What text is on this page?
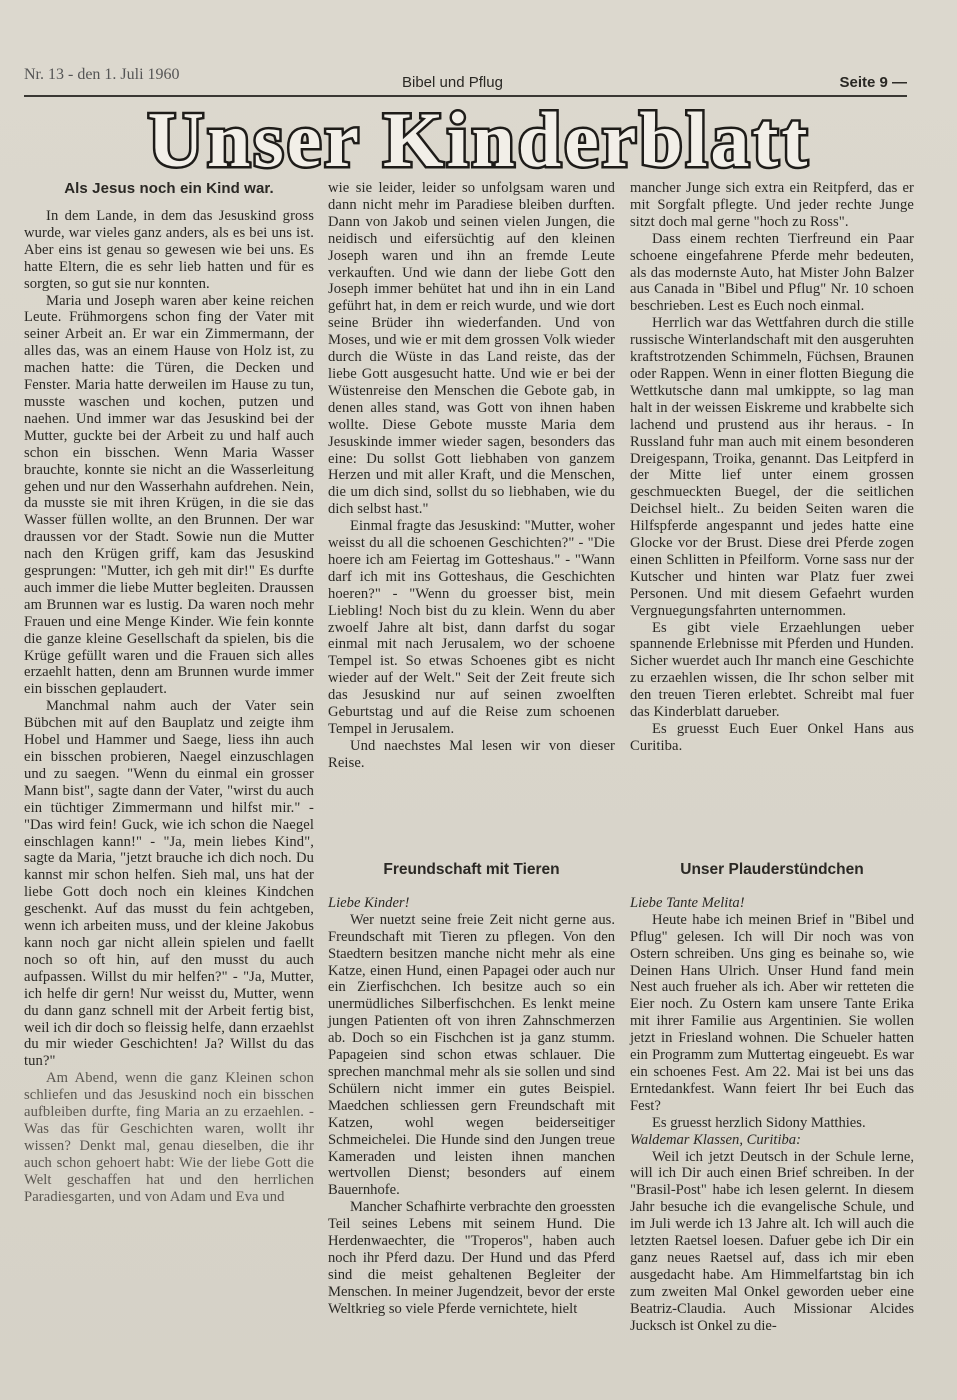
Nr. 13 - den 1. Juli 1960	Bibel und Pflug	Seite 9 —
Unser Kinderblatt
Als Jesus noch ein Kind war.

In dem Lande, in dem das Jesuskind gross wurde, war vieles ganz anders, als es bei uns ist. Aber eins ist genau so gewesen wie bei uns. Es hatte Eltern, die es sehr lieb hatten und für es sorgten, so gut sie nur konnten.

Maria und Joseph waren aber keine reichen Leute. Frühmorgens schon fing der Vater mit seiner Arbeit an. Er war ein Zimmermann, der alles das, was an einem Hause von Holz ist, zu machen hatte: die Türen, die Decken und Fenster. Maria hatte derweilen im Hause zu tun, musste waschen und kochen, putzen und naehen. Und immer war das Jesuskind bei der Mutter, guckte bei der Arbeit zu und half auch schon ein bisschen. Wenn Maria Wasser brauchte, konnte sie nicht an die Wasserleitung gehen und nur den Wasserhahn aufdrehen. Nein, da musste sie mit ihren Krügen, in die sie das Wasser füllen wollte, an den Brunnen. Der war draussen vor der Stadt. Sowie nun die Mutter nach den Krügen griff, kam das Jesuskind gesprungen: "Mutter, ich geh mit dir!" Es durfte auch immer die liebe Mutter begleiten. Draussen am Brunnen war es lustig. Da waren noch mehr Frauen und eine Menge Kinder. Wie fein konnte die ganze kleine Gesellschaft da spielen, bis die Krüge gefüllt waren und die Frauen sich alles erzaehlt hatten, denn am Brunnen wurde immer ein bisschen geplaudert.

Manchmal nahm auch der Vater sein Bübchen mit auf den Bauplatz und zeigte ihm Hobel und Hammer und Saege, liess ihn auch ein bisschen probieren, Naegel einzuschlagen und zu saegen. "Wenn du einmal ein grosser Mann bist", sagte dann der Vater, "wirst du auch ein tüchtiger Zimmermann und hilfst mir." - "Das wird fein! Guck, wie ich schon die Naegel einschlagen kann!" - "Ja, mein liebes Kind", sagte da Maria, "jetzt brauche ich dich noch. Du kannst mir schon helfen. Sieh mal, uns hat der liebe Gott doch noch ein kleines Kindchen geschenkt. Auf das musst du fein achtgeben, wenn ich arbeiten muss, und der kleine Jakobus kann noch gar nicht allein spielen und faellt noch so oft hin, auf den musst du auch aufpassen. Willst du mir helfen?" - "Ja, Mutter, ich helfe dir gern! Nur weisst du, Mutter, wenn du dann ganz schnell mit der Arbeit fertig bist, weil ich dir doch so fleissig helfe, dann erzaehlst du mir wieder Geschichten! Ja? Willst du das tun?"

Am Abend, wenn die ganz Kleinen schon schliefen und das Jesuskind noch ein bisschen aufbleiben durfte, fing Maria an zu erzaehlen. - Was das für Geschichten waren, wollt ihr wissen? Denkt mal, genau dieselben, die ihr auch schon gehoert habt: Wie der liebe Gott die Welt geschaffen hat und den herrlichen Paradiesgarten, und von Adam und Eva und

wie sie leider, leider so unfolgsam waren und dann nicht mehr im Paradiese bleiben durften. Dann von Jakob und seinen vielen Jungen, die neidisch und eifersüchtig auf den kleinen Joseph waren und ihn an fremde Leute verkauften. Und wie dann der liebe Gott den Joseph immer behütet hat und ihn in ein Land geführt hat, in dem er reich wurde, und wie dort seine Brüder ihn wiederfanden. Und von Moses, und wie er mit dem grossen Volk wieder durch die Wüste in das Land reiste, das der liebe Gott ausgesucht hatte. Und wie er bei der Wüstenreise den Menschen die Gebote gab, in denen alles stand, was Gott von ihnen haben wollte. Diese Gebote musste Maria dem Jesuskinde immer wieder sagen, besonders das eine: Du sollst Gott liebhaben von ganzem Herzen und mit aller Kraft, und die Menschen, die um dich sind, sollst du so liebhaben, wie du dich selbst hast."

Einmal fragte das Jesuskind: "Mutter, woher weisst du all die schoenen Geschichten?" - "Die hoere ich am Feiertag im Gotteshaus." - "Wann darf ich mit ins Gotteshaus, die Geschichten hoeren?" - "Wenn du groesser bist, mein Liebling! Noch bist du zu klein. Wenn du aber zwoelf Jahre alt bist, dann darfst du sogar einmal mit nach Jerusalem, wo der schoene Tempel ist. So etwas Schoenes gibt es nicht wieder auf der Welt." Seit der Zeit freute sich das Jesuskind nur auf seinen zwoelften Geburtstag und auf die Reise zum schoenen Tempel in Jerusalem.

Und naechstes Mal lesen wir von dieser Reise.

mancher Junge sich extra ein Reitpferd, das er mit Sorgfalt pflegte. Und jeder rechte Junge sitzt doch mal gerne "hoch zu Ross".

Dass einem rechten Tierfreund ein Paar schoene eingefahrene Pferde mehr bedeuten, als das modernste Auto, hat Mister John Balzer aus Canada in "Bibel und Pflug" Nr. 10 schoen beschrieben. Lest es Euch noch einmal.

Herrlich war das Wettfahren durch die stille russische Winterlandschaft mit den ausgeruhten kraftstrotzenden Schimmeln, Füchsen, Braunen oder Rappen. Wenn in einer flotten Biegung die Wettkutsche dann mal umkippte, so lag man halt in der weissen Eiskreme und krabbelte sich lachend und prustend aus ihr heraus. - In Russland fuhr man auch mit einem besonderen Dreigespann, Troika, genannt. Das Leitpferd in der Mitte lief unter einem grossen geschmueckten Buegel, der die seitlichen Deichsel hielt.. Zu beiden Seiten waren die Hilfspferde angespannt und jedes hatte eine Glocke vor der Brust. Diese drei Pferde zogen einen Schlitten in Pfeilform. Vorne sass nur der Kutscher und hinten war Platz fuer zwei Personen. Und mit diesem Gefaehrt wurden Vergnuegungsfahrten unternommen.

Es gibt viele Erzaehlungen ueber spannende Erlebnisse mit Pferden und Hunden. Sicher wuerdet auch Ihr manch eine Geschichte zu erzaehlen wissen, die Ihr schon selber mit den treuen Tieren erlebtet. Schreibt mal fuer das Kinderblatt darueber.

Es gruesst Euch Euer Onkel Hans aus Curitiba.

Freundschaft mit Tieren

Liebe Kinder!

Wer nuetzt seine freie Zeit nicht gerne aus. Freundschaft mit Tieren zu pflegen. Von den Staedtern besitzen manche nicht mehr als eine Katze, einen Hund, einen Papagei oder auch nur ein Zierfischchen. Ich besitze auch so ein unermüdliches Silberfischchen. Es lenkt meine jungen Patienten oft von ihren Zahnschmerzen ab. Doch so ein Fischchen ist ja ganz stumm. Papageien sind schon etwas schlauer. Die sprechen manchmal mehr als sie sollen und sind Schülern nicht immer ein gutes Beispiel. Maedchen schliessen gern Freundschaft mit Katzen, wohl wegen beiderseitiger Schmeichelei. Die Hunde sind den Jungen treue Kameraden und leisten ihnen manchen wertvollen Dienst; besonders auf einem Bauernhofe.

Mancher Schafhirte verbrachte den groessten Teil seines Lebens mit seinem Hund. Die Herdenwaechter, die "Troperos", haben auch noch ihr Pferd dazu. Der Hund und das Pferd sind die meist gehaltenen Begleiter der Menschen. In meiner Jugendzeit, bevor der erste Weltkrieg so viele Pferde vernichtete, hielt

Unser Plauderstündchen

Liebe Tante Melita!

Heute habe ich meinen Brief in "Bibel und Pflug" gelesen. Ich will Dir noch was von Ostern schreiben. Uns ging es beinahe so, wie Deinen Hans Ulrich. Unser Hund fand mein Nest auch frueher als ich. Aber wir retteten die Eier noch. Zu Ostern kam unsere Tante Erika mit ihrer Familie aus Argentinien. Sie wollen jetzt in Friesland wohnen. Die Schueler hatten ein Programm zum Muttertag eingeuebt. Es war ein schoenes Fest. Am 22. Mai ist bei uns das Erntedankfest. Wann feiert Ihr bei Euch das Fest?

Es gruesst herzlich Sidony Matthies.

Waldemar Klassen, Curitiba:

Weil ich jetzt Deutsch in der Schule lerne, will ich Dir auch einen Brief schreiben. In der "Brasil-Post" habe ich lesen gelernt. In diesem Jahr besuche ich die evangelische Schule, und im Juli werde ich 13 Jahre alt. Ich will auch die letzten Raetsel loesen. Dafuer gebe ich Dir ein ganz neues Raetsel auf, dass ich mir eben ausgedacht habe. Am Himmelfartstag bin ich zum zweiten Mal Onkel geworden ueber eine Beatriz-Claudia. Auch Missionar Alcides Jucksch ist Onkel zu die-
